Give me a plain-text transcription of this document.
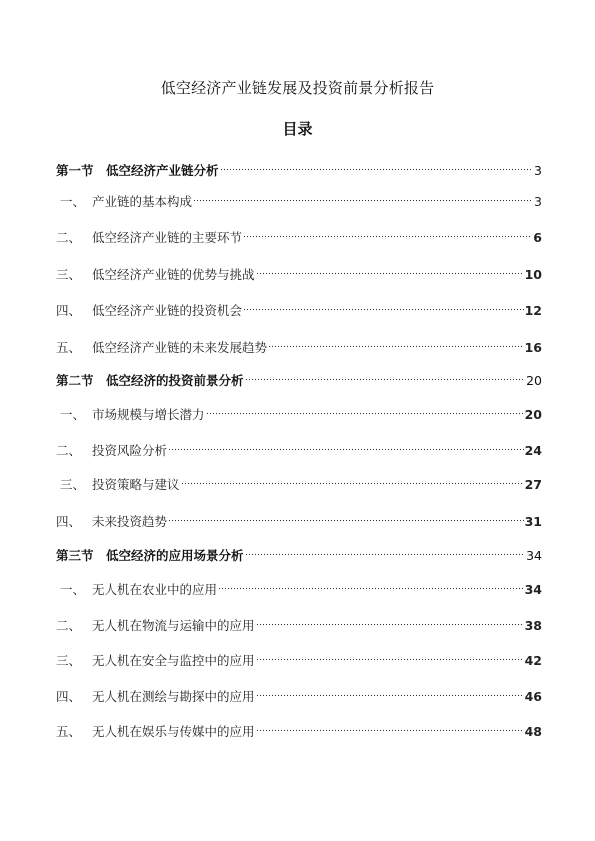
低空经济产业链发展及投资前景分析报告
目录
第一节 低空经济产业链分析	3
一、 产业链的基本构成	3
二、 低空经济产业链的主要环节	6
三、 低空经济产业链的优势与挑战	10
四、 低空经济产业链的投资机会	12
五、 低空经济产业链的未来发展趋势	16
第二节 低空经济的投资前景分析	20
一、 市场规模与增长潜力	20
二、 投资风险分析	24
三、 投资策略与建议	27
四、 未来投资趋势	31
第三节 低空经济的应用场景分析	34
一、 无人机在农业中的应用	34
二、 无人机在物流与运输中的应用	38
三、 无人机在安全与监控中的应用	42
四、 无人机在测绘与勘探中的应用	46
五、 无人机在娱乐与传媒中的应用	48
